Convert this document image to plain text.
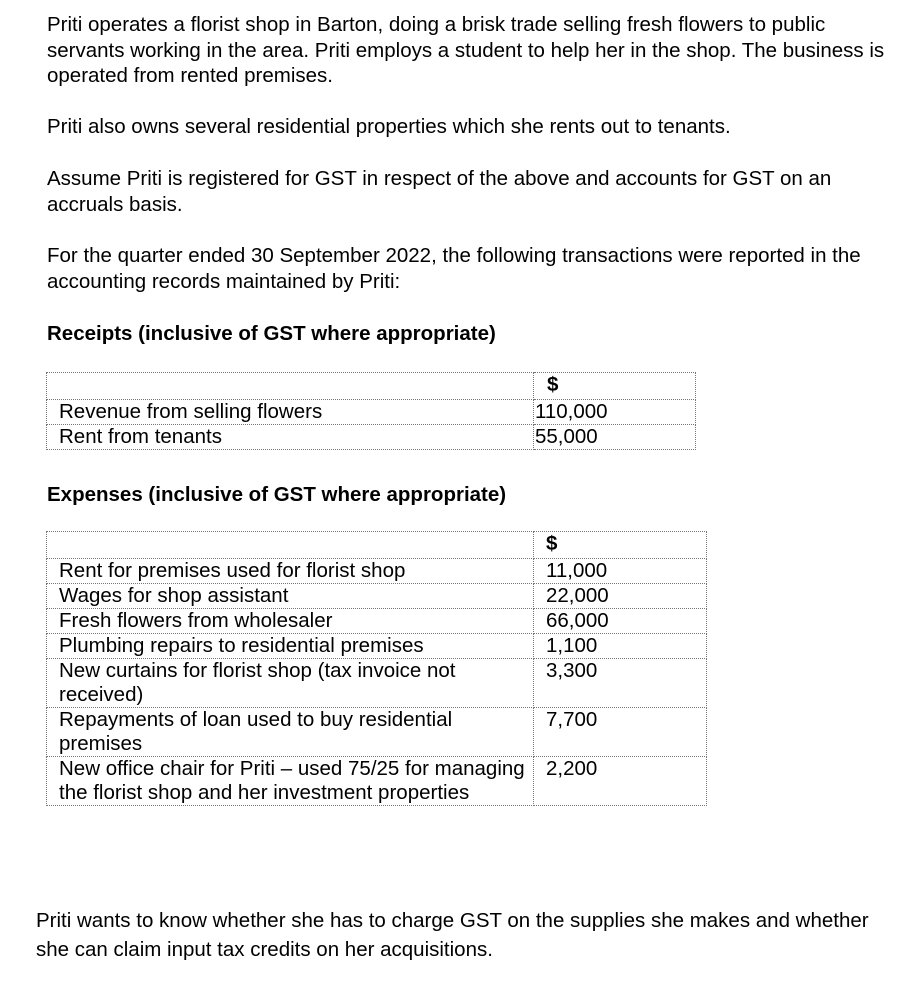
Priti operates a florist shop in Barton, doing a brisk trade selling fresh flowers to public servants working in the area. Priti employs a student to help her in the shop. The business is operated from rented premises.

Priti also owns several residential properties which she rents out to tenants.

Assume Priti is registered for GST in respect of the above and accounts for GST on an accruals basis.

For the quarter ended 30 September 2022, the following transactions were reported in the accounting records maintained by Priti:

Receipts (inclusive of GST where appropriate)

	$
Revenue from selling flowers	110,000
Rent from tenants	55,000

Expenses (inclusive of GST where appropriate)

	$
Rent for premises used for florist shop	11,000
Wages for shop assistant	22,000
Fresh flowers from wholesaler	66,000
Plumbing repairs to residential premises	1,100
New curtains for florist shop (tax invoice not received)	3,300
Repayments of loan used to buy residential premises	7,700
New office chair for Priti – used 75/25 for managing the florist shop and her investment properties	2,200

Priti wants to know whether she has to charge GST on the supplies she makes and whether she can claim input tax credits on her acquisitions.
